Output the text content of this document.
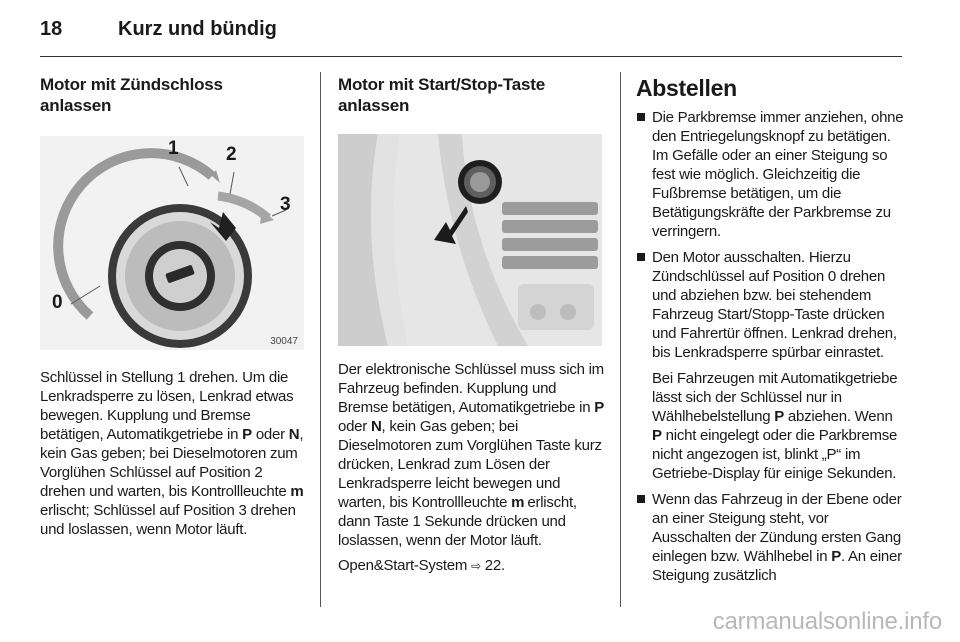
18	Kurz und bündig
Motor mit Zündschloss
anlassen
0
1 2
3
30047

Schlüssel in Stellung 1 drehen. Um die Lenkradsperre zu lösen, Lenkrad etwas bewegen. Kupplung und Bremse betätigen, Automatikgetriebe in P oder N, kein Gas geben; bei Dieselmotoren zum Vorglühen Schlüssel auf Position 2 drehen und warten, bis Kontrollleuchte m erlischt; Schlüssel auf Position 3 drehen und loslassen, wenn Motor läuft.

Motor mit Start/Stop-Taste
anlassen

Der elektronische Schlüssel muss sich im Fahrzeug befinden. Kupplung und Bremse betätigen, Automatikgetriebe in P oder N, kein Gas geben; bei Dieselmotoren zum Vorglühen Taste kurz drücken, Lenkrad zum Lösen der Lenkradsperre leicht bewegen und warten, bis Kontrollleuchte m erlischt, dann Taste 1 Sekunde drücken und loslassen, wenn der Motor läuft.

Open&Start-System ⇨ 22.

Abstellen
Die Parkbremse immer anziehen, ohne den Entriegelungsknopf zu betätigen. Im Gefälle oder an einer Steigung so fest wie möglich. Gleichzeitig die Fußbremse betätigen, um die Betätigungskräfte der Parkbremse zu verringern.
Den Motor ausschalten. Hierzu Zündschlüssel auf Position 0 drehen und abziehen bzw. bei stehendem Fahrzeug Start/Stopp-Taste drücken und Fahrertür öffnen. Lenkrad drehen, bis Lenkradsperre spürbar einrastet.
Bei Fahrzeugen mit Automatikgetriebe lässt sich der Schlüssel nur in Wählhebelstellung P abziehen. Wenn P nicht eingelegt oder die Parkbremse nicht angezogen ist, blinkt „P“ im Getriebe-Display für einige Sekunden.
Wenn das Fahrzeug in der Ebene oder an einer Steigung steht, vor Ausschalten der Zündung ersten Gang einlegen bzw. Wählhebel in P. An einer Steigung zusätzlich
carmanualsonline.info
